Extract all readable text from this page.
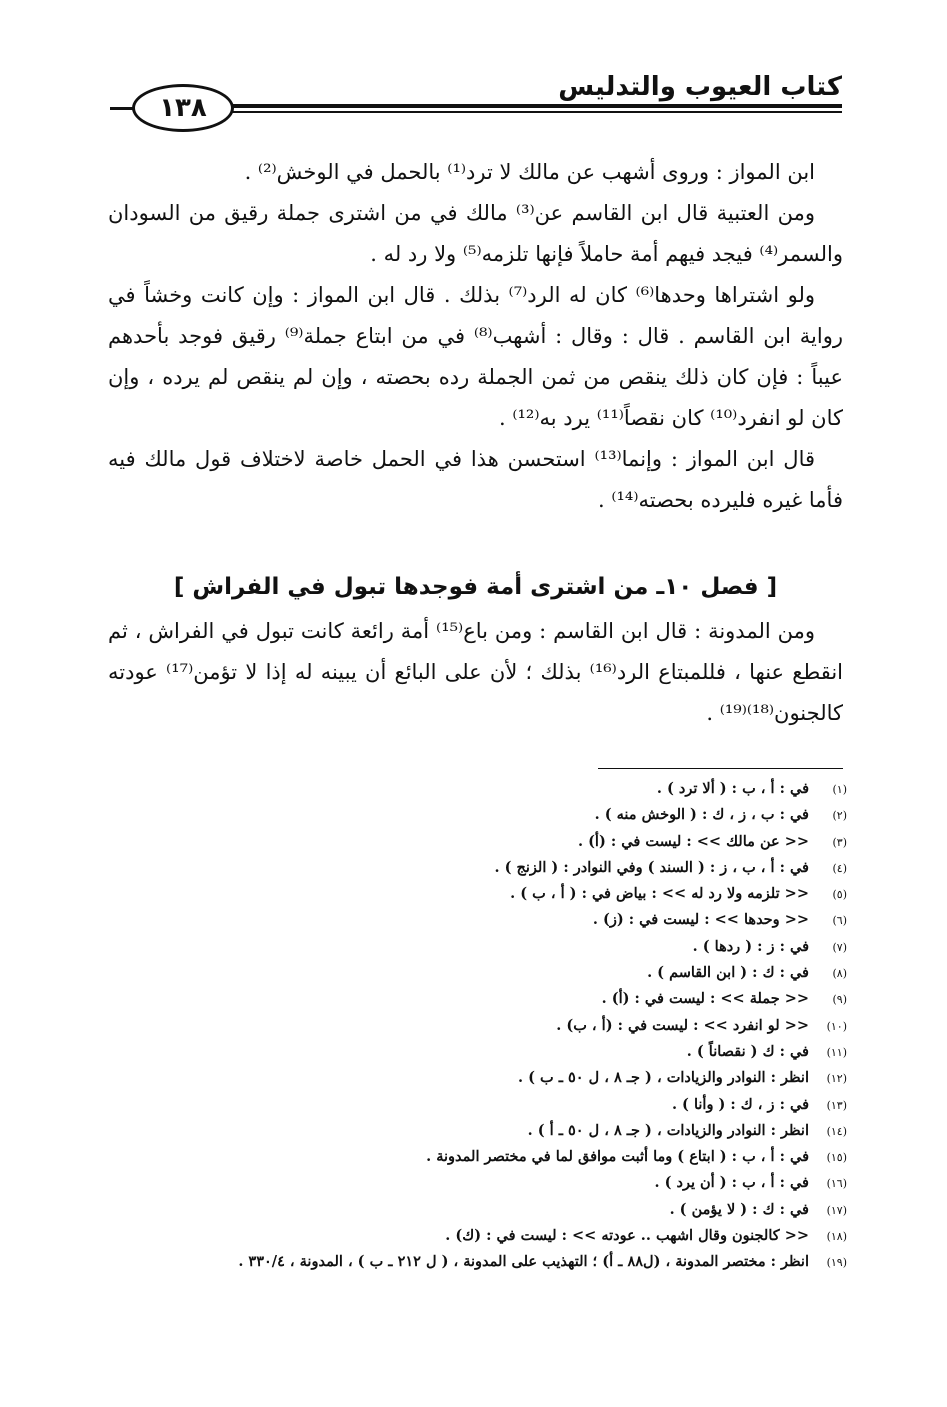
كتاب العيوب والتدليس
١٣٨

ابن المواز : وروى أشهب عن مالك لا ترد⁽¹⁾ بالحمل في الوخش⁽²⁾ .

ومن العتبية قال ابن القاسم عن⁽³⁾ مالك في من اشترى جملة رقيق من السودان والسمر⁽⁴⁾ فيجد فيهم أمة حاملاً فإنها تلزمه⁽⁵⁾ ولا رد له .

ولو اشتراها وحدها⁽⁶⁾ كان له الرد⁽⁷⁾ بذلك . قال ابن المواز : وإن كانت وخشاً في رواية ابن القاسم . قال : وقال : أشهب⁽⁸⁾ في من ابتاع جملة⁽⁹⁾ رقيق فوجد بأحدهم عيباً : فإن كان ذلك ينقص من ثمن الجملة رده بحصته ، وإن لم ينقص لم يرده ، وإن كان لو انفرد⁽¹⁰⁾ كان نقصاً⁽¹¹⁾ يرد به⁽¹²⁾ .

قال ابن المواز : وإنما⁽¹³⁾ استحسن هذا في الحمل خاصة لاختلاف قول مالك فيه فأما غيره فليرده بحصته⁽¹⁴⁾ .

[ فصل ١٠ـ من اشترى أمة فوجدها تبول في الفراش ]

ومن المدونة : قال ابن القاسم : ومن باع⁽¹⁵⁾ أمة رائعة كانت تبول في الفراش ، ثم انقطع عنها ، فللمبتاع الرد⁽¹⁶⁾ بذلك ؛ لأن على البائع أن يبينه له إذا لا تؤمن⁽¹⁷⁾ عودته كالجنون⁽¹⁸⁾⁽¹⁹⁾ .

(١)
في : أ ، ب : ( ألا ترد ) .
(٢)
في : ب ، ز ، ك : ( الوخش منه ) .
(٣)
<< عن مالك >> : ليست في : (أ) .
(٤)
في : أ ، ب ، ز : ( السند ) وفي النوادر : ( الزنج ) .
(٥)
<< تلزمه ولا رد له >> : بياض في : ( أ ، ب ) .
(٦)
<< وحدها >> : ليست في : (ز) .
(٧)
في : ز : ( ردها ) .
(٨)
في : ك : ( ابن القاسم ) .
(٩)
<< جملة >> : ليست في : (أ) .
(١٠)
<< لو انفرد >> : ليست في : (أ ، ب) .
(١١)
في : ك ( نقصاناً ) .
(١٢)
انظر : النوادر والزيادات ، ( جـ ٨ ، ل ٥٠ ـ ب ) .
(١٣)
في : ز ، ك : ( وأنا ) .
(١٤)
انظر : النوادر والزيادات ، ( جـ ٨ ، ل ٥٠ ـ أ ) .
(١٥)
في : أ ، ب : ( ابتاع ) وما أثبت موافق لما في مختصر المدونة .
(١٦)
في : أ ، ب : ( أن يرد ) .
(١٧)
في : ك : ( لا يؤمن ) .
(١٨)
<< كالجنون وقال اشهب .. عودته >> : ليست في : (ك) .
(١٩)
انظر : مختصر المدونة ، (ل٨٨ ـ أ) ؛ التهذيب على المدونة ، ( ل ٢١٢ ـ ب ) ، المدونة ، ٣٣٠/٤ .
